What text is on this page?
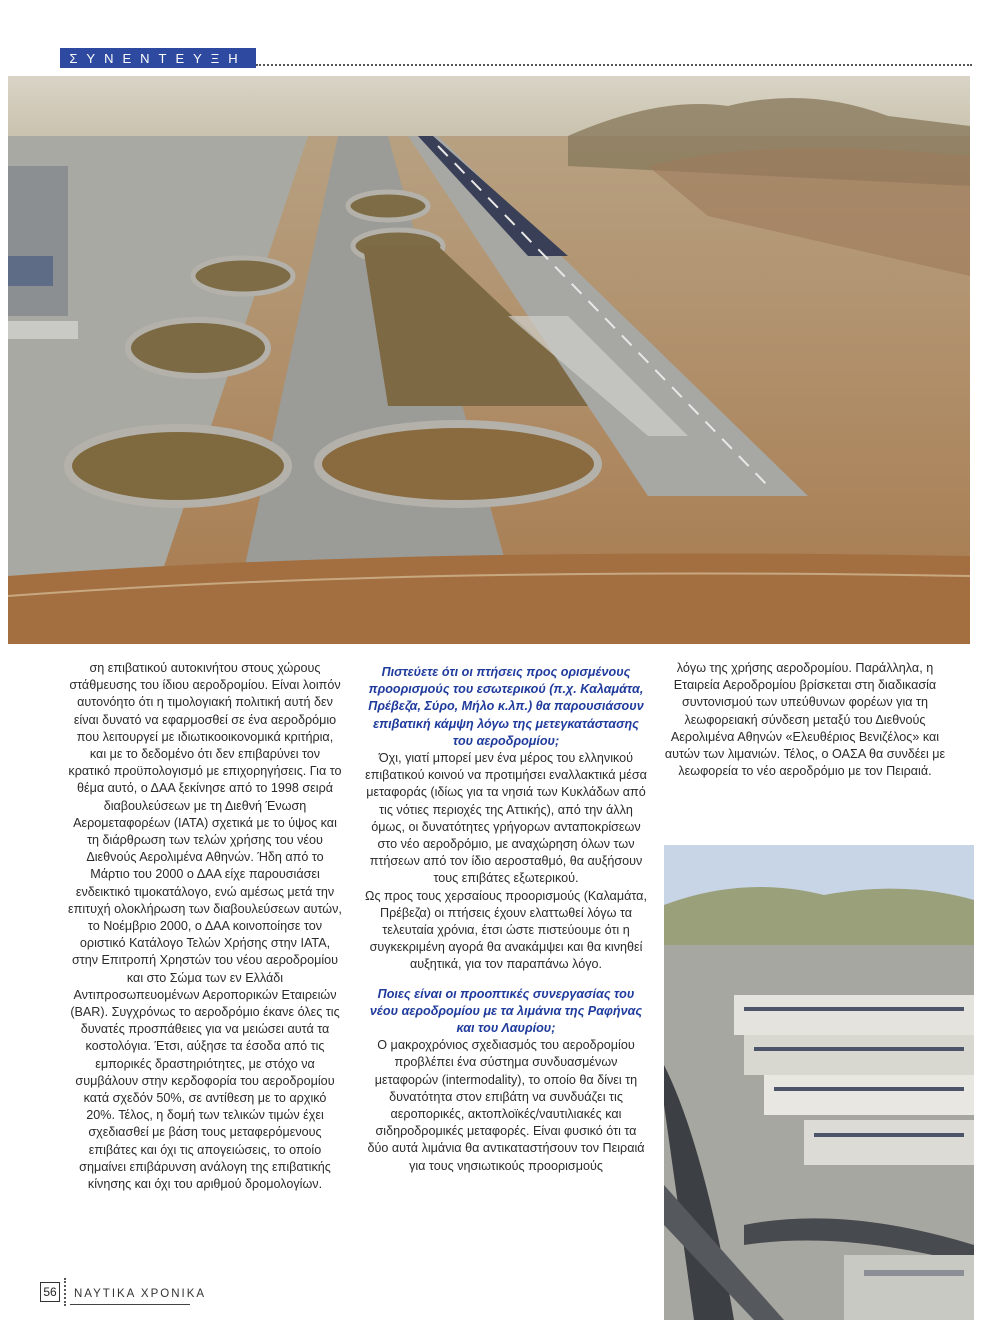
ΣΥΝΕΝΤΕΥΞΗ

ση επιβατικού αυτοκινήτου στους χώρους στάθμευσης του ίδιου αεροδρομίου. Είναι λοιπόν αυτονόητο ότι η τιμολογιακή πολιτική αυτή δεν είναι δυνατό να εφαρμοσθεί σε ένα αεροδρόμιο που λειτουργεί με ιδιωτικοοικονομικά κριτήρια, και με το δεδομένο ότι δεν επιβαρύνει τον κρατικό προϋπολογισμό με επιχορηγήσεις. Για το θέμα αυτό, ο ΔΑΑ ξεκίνησε από το 1998 σειρά διαβουλεύσεων με τη Διεθνή Ένωση Αερομεταφορέων (IATA) σχετικά με το ύψος και τη διάρθρωση των τελών χρήσης του νέου Διεθνούς Αερολιμένα Αθηνών. Ήδη από το Μάρτιο του 2000 ο ΔΑΑ είχε παρουσιάσει ενδεικτικό τιμοκατάλογο, ενώ αμέσως μετά την επιτυχή ολοκλήρωση των διαβουλεύσεων αυτών, το Νοέμβριο 2000, ο ΔΑΑ κοινοποίησε τον οριστικό Κατάλογο Τελών Χρήσης στην IATA, στην Επιτροπή Χρηστών του νέου αεροδρομίου και στο Σώμα των εν Ελλάδι Αντιπροσωπευομένων Αεροπορικών Εταιρειών (BAR). Συγχρόνως το αεροδρόμιο έκανε όλες τις δυνατές προσπάθειες για να μειώσει αυτά τα κοστολόγια. Έτσι, αύξησε τα έσοδα από τις εμπορικές δραστηριότητες, με στόχο να συμβάλουν στην κερδοφορία του αεροδρομίου κατά σχεδόν 50%, σε αντίθεση με το αρχικό 20%. Τέλος, η δομή των τελικών τιμών έχει σχεδιασθεί με βάση τους μεταφερόμενους επιβάτες και όχι τις απογειώσεις, το οποίο σημαίνει επιβάρυνση ανάλογη της επιβατικής κίνησης και όχι του αριθμού δρομολογίων.

Πιστεύετε ότι οι πτήσεις προς ορισμένους προορισμούς του εσωτερικού (π.χ. Καλαμάτα, Πρέβεζα, Σύρο, Μήλο κ.λπ.) θα παρουσιάσουν επιβατική κάμψη λόγω της μετεγκατάστασης του αεροδρομίου;

Όχι, γιατί μπορεί μεν ένα μέρος του ελληνικού επιβατικού κοινού να προτιμήσει εναλλακτικά μέσα μεταφοράς (ιδίως για τα νησιά των Κυκλάδων από τις νότιες περιοχές της Αττικής), από την άλλη όμως, οι δυνατότητες γρήγορων ανταποκρίσεων στο νέο αεροδρόμιο, με αναχώρηση όλων των πτήσεων από τον ίδιο αεροσταθμό, θα αυξήσουν τους επιβάτες εξωτερικού.

Ως προς τους χερσαίους προορισμούς (Καλαμάτα, Πρέβεζα) οι πτήσεις έχουν ελαττωθεί λόγω τα τελευταία χρόνια, έτσι ώστε πιστεύουμε ότι η συγκεκριμένη αγορά θα ανακάμψει και θα κινηθεί αυξητικά, για τον παραπάνω λόγο.

Ποιες είναι οι προοπτικές συνεργασίας του νέου αεροδρομίου με τα λιμάνια της Ραφήνας και του Λαυρίου;

Ο μακροχρόνιος σχεδιασμός του αεροδρομίου προβλέπει ένα σύστημα συνδυασμένων μεταφορών (intermodality), το οποίο θα δίνει τη δυνατότητα στον επιβάτη να συνδυάζει τις αεροπορικές, ακτοπλοϊκές/ναυτιλιακές και σιδηροδρομικές μεταφορές. Είναι φυσικό ότι τα δύο αυτά λιμάνια θα αντικαταστήσουν τον Πειραιά για τους νησιωτικούς προορισμούς

λόγω της χρήσης αεροδρομίου. Παράλληλα, η Εταιρεία Αεροδρομίου βρίσκεται στη διαδικασία συντονισμού των υπεύθυνων φορέων για τη λεωφορειακή σύνδεση μεταξύ του Διεθνούς Αερολιμένα Αθηνών «Ελευθέριος Βενιζέλος» και αυτών των λιμανιών. Τέλος, ο ΟΑΣΑ θα συνδέει με λεωφορεία το νέο αεροδρόμιο με τον Πειραιά.

56 ΝΑΥΤΙΚΑ ΧΡΟΝΙΚΑ
